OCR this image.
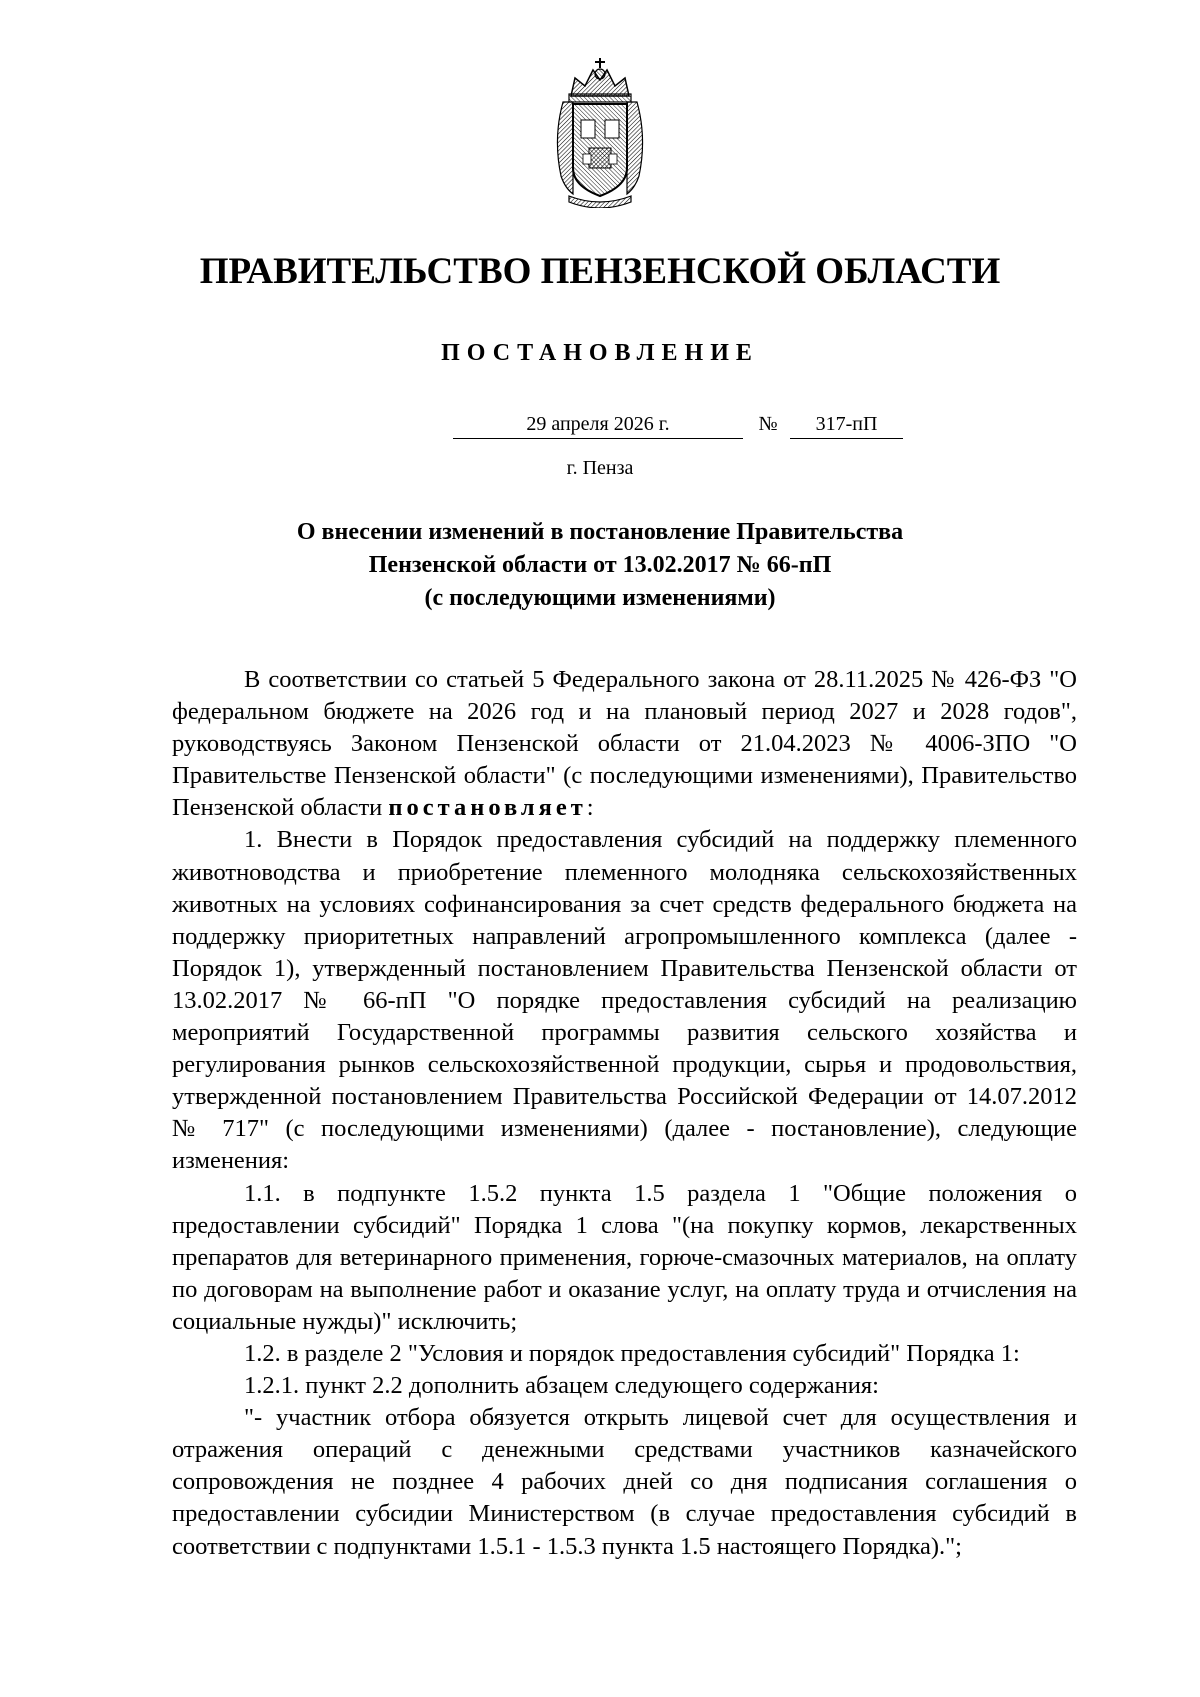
ПРАВИТЕЛЬСТВО ПЕНЗЕНСКОЙ ОБЛАСТИ
ПОСТАНОВЛЕНИЕ
29 апреля 2026 г.	№	317-пП
г. Пенза
О внесении изменений в постановление Правительства
Пензенской области от 13.02.2017 № 66-пП
(с последующими изменениями)

В соответствии со статьей 5 Федерального закона от 28.11.2025 № 426-ФЗ "О федеральном бюджете на 2026 год и на плановый период 2027 и 2028 годов", руководствуясь Законом Пензенской области от 21.04.2023 № 4006-ЗПО "О Правительстве Пензенской области" (с последующими изменениями), Правительство Пензенской области постановляет:

1. Внести в Порядок предоставления субсидий на поддержку племенного животноводства и приобретение племенного молодняка сельскохозяйственных животных на условиях софинансирования за счет средств федерального бюджета на поддержку приоритетных направлений агропромышленного комплекса (далее - Порядок 1), утвержденный постановлением Правительства Пензенской области от 13.02.2017 № 66-пП "О порядке предоставления субсидий на реализацию мероприятий Государственной программы развития сельского хозяйства и регулирования рынков сельскохозяйственной продукции, сырья и продовольствия, утвержденной постановлением Правительства Российской Федерации от 14.07.2012 № 717" (с последующими изменениями) (далее - постановление), следующие изменения:

1.1. в подпункте 1.5.2 пункта 1.5 раздела 1 "Общие положения о предоставлении субсидий" Порядка 1 слова "(на покупку кормов, лекарственных препаратов для ветеринарного применения, горюче-смазочных материалов, на оплату по договорам на выполнение работ и оказание услуг, на оплату труда и отчисления на социальные нужды)" исключить;

1.2. в разделе 2 "Условия и порядок предоставления субсидий" Порядка 1:

1.2.1. пункт 2.2 дополнить абзацем следующего содержания:

"- участник отбора обязуется открыть лицевой счет для осуществления и отражения операций с денежными средствами участников казначейского сопровождения не позднее 4 рабочих дней со дня подписания соглашения о предоставлении субсидии Министерством (в случае предоставления субсидий в соответствии с подпунктами 1.5.1 - 1.5.3 пункта 1.5 настоящего Порядка).";
